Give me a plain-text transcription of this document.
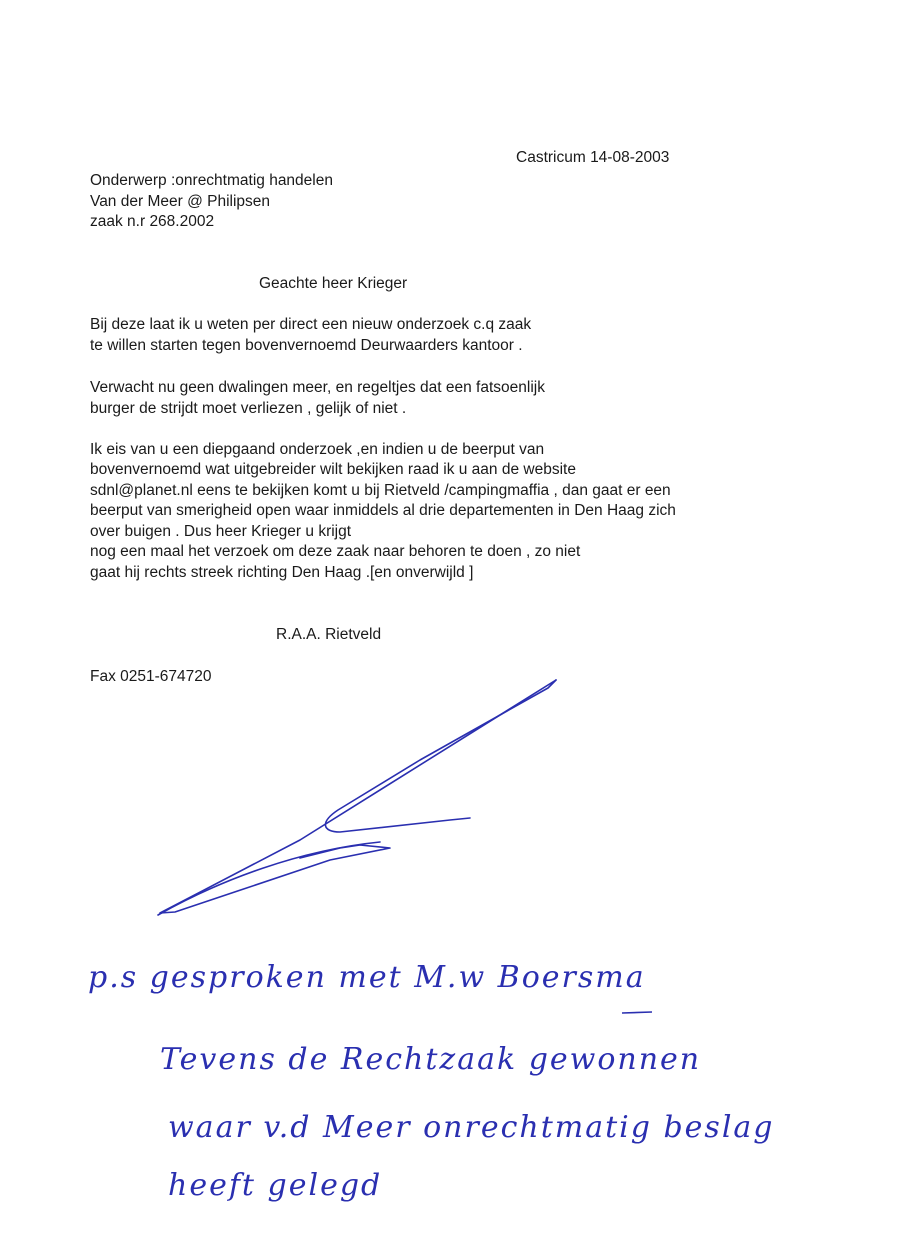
Castricum 14-08-2003
Onderwerp :onrechtmatig handelen
Van der Meer @ Philipsen
zaak n.r 268.2002
Geachte heer Krieger
Bij deze laat ik u weten per direct een nieuw onderzoek c.q zaak
te willen starten tegen bovenvernoemd Deurwaarders kantoor .
Verwacht nu geen dwalingen meer, en regeltjes dat een fatsoenlijk
burger de strijdt moet verliezen , gelijk of niet .
Ik eis van u een diepgaand onderzoek ,en indien u de beerput van
bovenvernoemd wat uitgebreider wilt bekijken raad ik u aan de website
sdnl@planet.nl eens te bekijken komt u bij Rietveld /campingmaffia , dan gaat er een
beerput van smerigheid open waar inmiddels al drie departementen in Den Haag zich
over buigen . Dus heer Krieger u krijgt
nog een maal het verzoek om deze zaak naar behoren te doen , zo niet
gaat hij rechts streek richting Den Haag .[en onverwijld ]
R.A.A. Rietveld
Fax 0251-674720
p.s gesproken met M.w Boersma
Tevens de Rechtzaak gewonnen
waar v.d Meer onrechtmatig beslag
heeft gelegd
